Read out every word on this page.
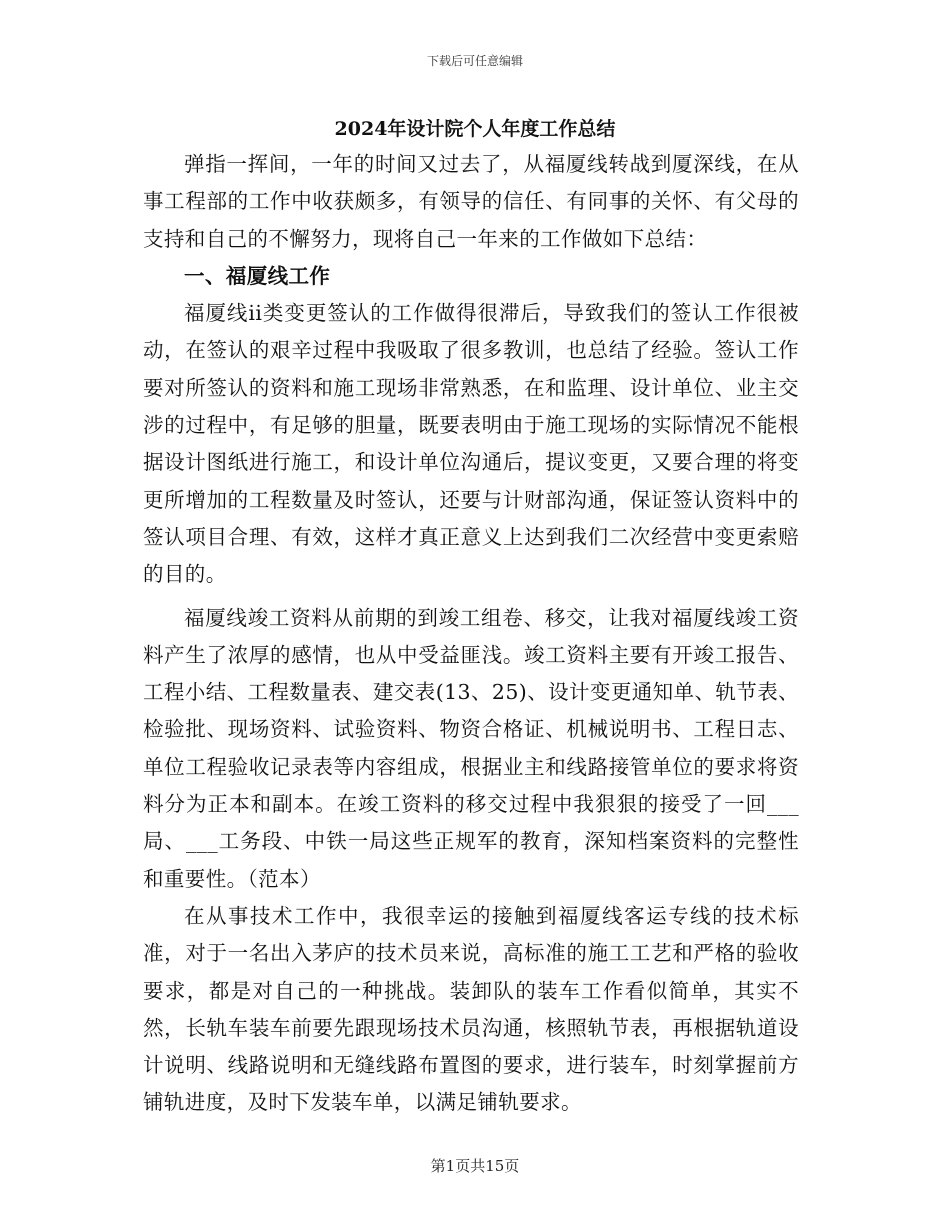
下载后可任意编辑
2024年设计院个人年度工作总结

弹指一挥间，一年的时间又过去了，从福厦线转战到厦深线，在从事工程部的工作中收获颇多，有领导的信任、有同事的关怀、有父母的支持和自己的不懈努力，现将自己一年来的工作做如下总结：

一、福厦线工作

福厦线ii类变更签认的工作做得很滞后，导致我们的签认工作很被动，在签认的艰辛过程中我吸取了很多教训，也总结了经验。签认工作要对所签认的资料和施工现场非常熟悉，在和监理、设计单位、业主交涉的过程中，有足够的胆量，既要表明由于施工现场的实际情况不能根据设计图纸进行施工，和设计单位沟通后，提议变更，又要合理的将变更所增加的工程数量及时签认，还要与计财部沟通，保证签认资料中的签认项目合理、有效，这样才真正意义上达到我们二次经营中变更索赔的目的。

福厦线竣工资料从前期的到竣工组卷、移交，让我对福厦线竣工资料产生了浓厚的感情，也从中受益匪浅。竣工资料主要有开竣工报告、工程小结、工程数量表、建交表(13、25)、设计变更通知单、轨节表、检验批、现场资料、试验资料、物资合格证、机械说明书、工程日志、单位工程验收记录表等内容组成，根据业主和线路接管单位的要求将资料分为正本和副本。在竣工资料的移交过程中我狠狠的接受了一回___局、___工务段、中铁一局这些正规军的教育，深知档案资料的完整性和重要性。（范本）

在从事技术工作中，我很幸运的接触到福厦线客运专线的技术标准，对于一名出入茅庐的技术员来说，高标准的施工工艺和严格的验收要求，都是对自己的一种挑战。装卸队的装车工作看似简单，其实不然，长轨车装车前要先跟现场技术员沟通，核照轨节表，再根据轨道设计说明、线路说明和无缝线路布置图的要求，进行装车，时刻掌握前方铺轨进度，及时下发装车单，以满足铺轨要求。

第1页共15页
